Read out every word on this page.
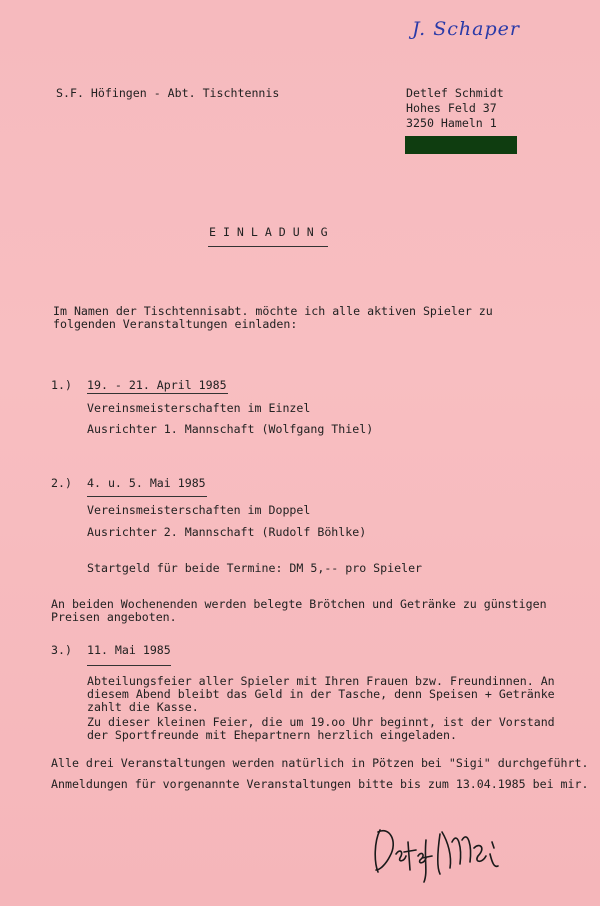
J. Schaper
S.F. Höfingen - Abt. Tischtennis	Detlef Schmidt
Hohes Feld 37
3250 Hameln 1
E I N L A D U N G
Im Namen der Tischtennisabt. möchte ich alle aktiven Spieler zu
folgenden Veranstaltungen einladen:
1.) 19. - 21. April 1985
Vereinsmeisterschaften im Einzel
Ausrichter 1. Mannschaft (Wolfgang Thiel)
2.) 4. u. 5. Mai 1985
Vereinsmeisterschaften im Doppel
Ausrichter 2. Mannschaft (Rudolf Böhlke)
Startgeld für beide Termine: DM 5,-- pro Spieler
An beiden Wochenenden werden belegte Brötchen und Getränke zu günstigen
Preisen angeboten.
3.) 11. Mai 1985
Abteilungsfeier aller Spieler mit Ihren Frauen bzw. Freundinnen. An
diesem Abend bleibt das Geld in der Tasche, denn Speisen + Getränke
zahlt die Kasse.
Zu dieser kleinen Feier, die um 19.oo Uhr beginnt, ist der Vorstand
der Sportfreunde mit Ehepartnern herzlich eingeladen.
Alle drei Veranstaltungen werden natürlich in Pötzen bei "Sigi" durchgeführt.
Anmeldungen für vorgenannte Veranstaltungen bitte bis zum 13.04.1985 bei mir.
